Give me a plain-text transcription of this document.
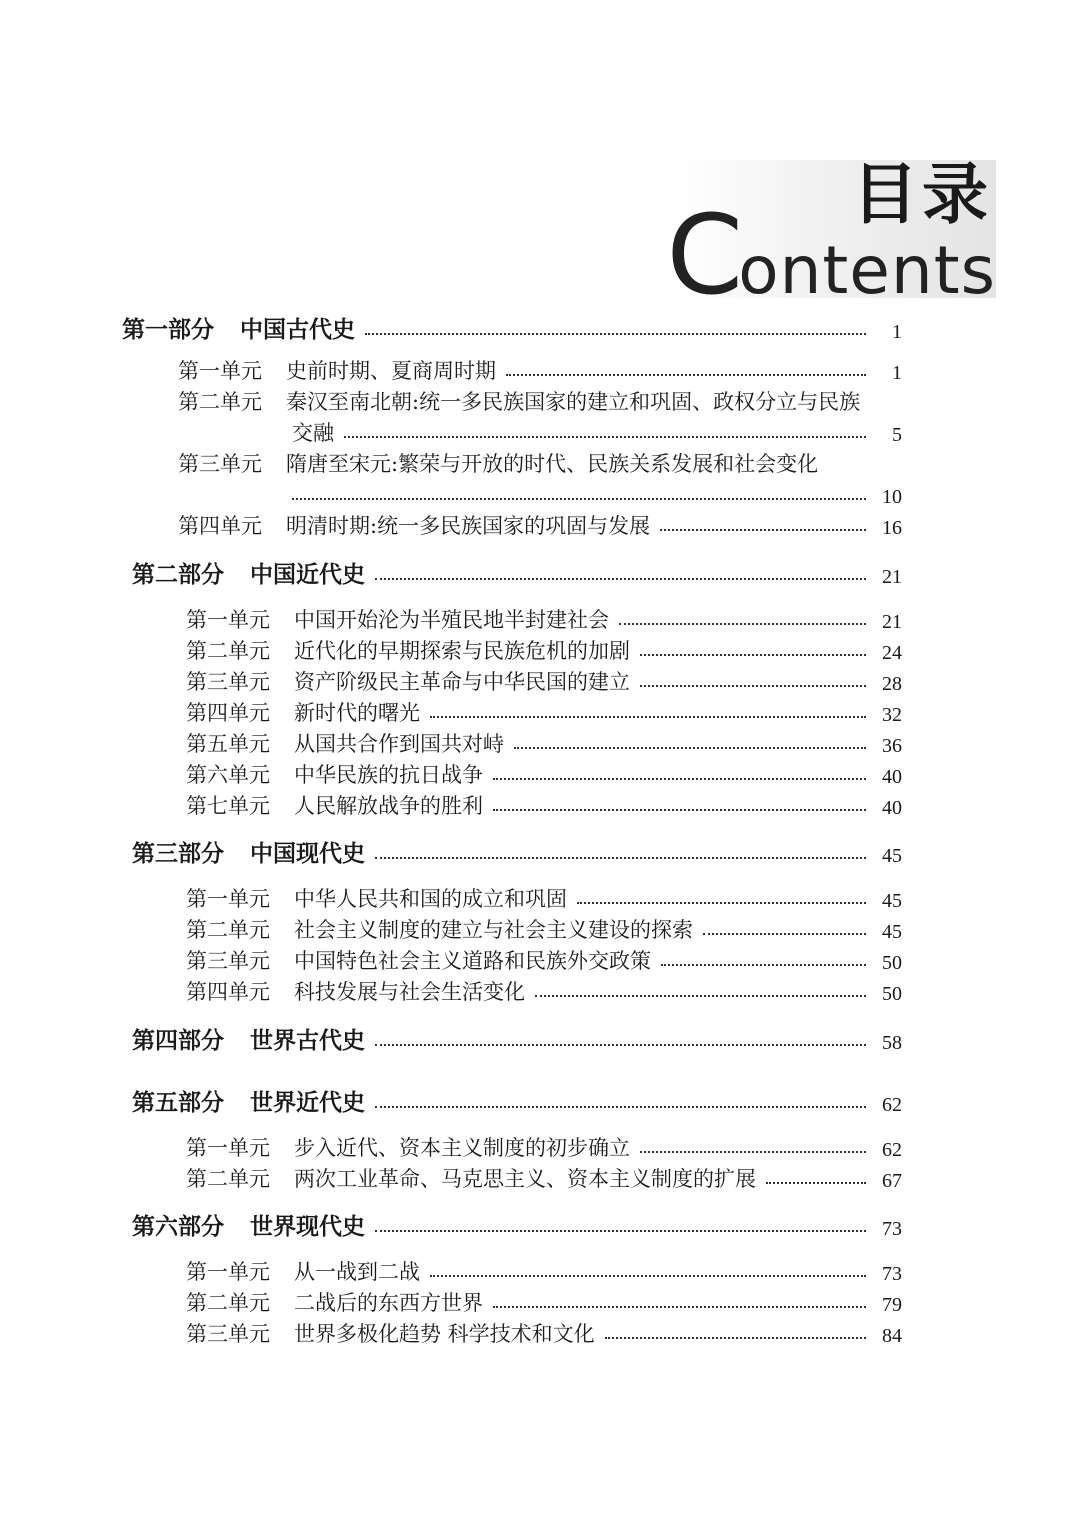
目录
Contents
第一部分 中国古代史	1
第一单元 史前时期、夏商周时期	1
第二单元 秦汉至南北朝:统一多民族国家的建立和巩固、政权分立与民族
交融	5
第三单元 隋唐至宋元:繁荣与开放的时代、民族关系发展和社会变化
10
第四单元 明清时期:统一多民族国家的巩固与发展	16
第二部分 中国近代史	21
第一单元 中国开始沦为半殖民地半封建社会	21
第二单元 近代化的早期探索与民族危机的加剧	24
第三单元 资产阶级民主革命与中华民国的建立	28
第四单元 新时代的曙光	32
第五单元 从国共合作到国共对峙	36
第六单元 中华民族的抗日战争	40
第七单元 人民解放战争的胜利	40
第三部分 中国现代史	45
第一单元 中华人民共和国的成立和巩固	45
第二单元 社会主义制度的建立与社会主义建设的探索	45
第三单元 中国特色社会主义道路和民族外交政策	50
第四单元 科技发展与社会生活变化	50
第四部分 世界古代史	58
第五部分 世界近代史	62
第一单元 步入近代、资本主义制度的初步确立	62
第二单元 两次工业革命、马克思主义、资本主义制度的扩展	67
第六部分 世界现代史	73
第一单元 从一战到二战	73
第二单元 二战后的东西方世界	79
第三单元 世界多极化趋势 科学技术和文化	84
